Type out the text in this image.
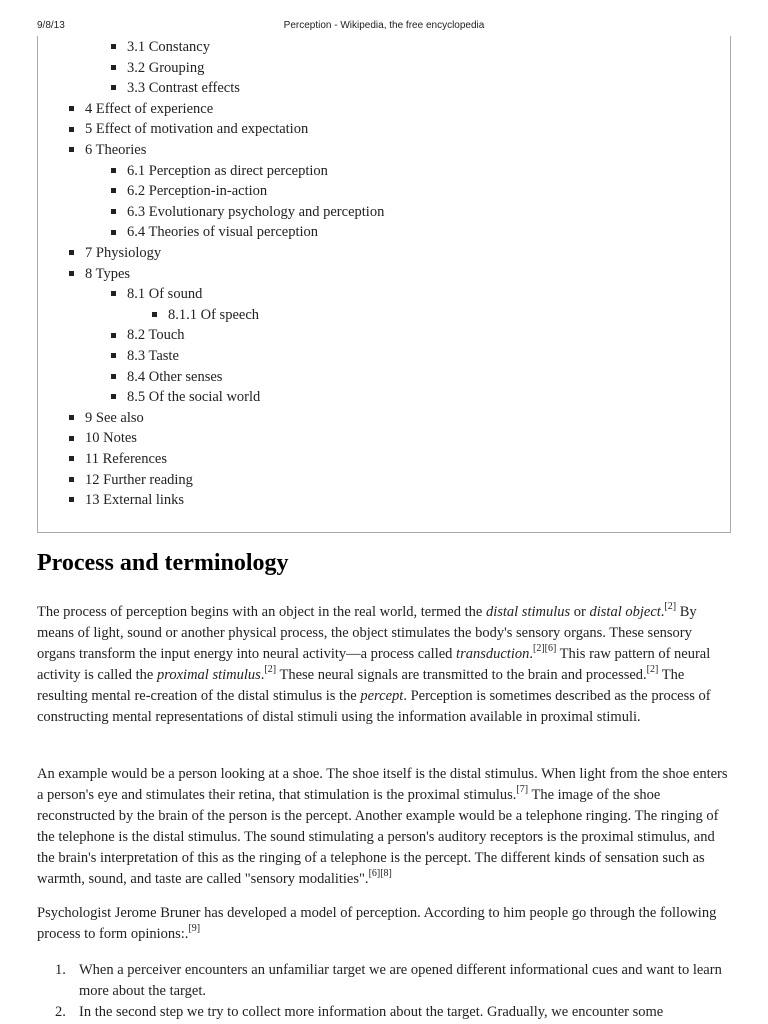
9/8/13	Perception - Wikipedia, the free encyclopedia
3.1 Constancy
3.2 Grouping
3.3 Contrast effects
4 Effect of experience
5 Effect of motivation and expectation
6 Theories
6.1 Perception as direct perception
6.2 Perception-in-action
6.3 Evolutionary psychology and perception
6.4 Theories of visual perception
7 Physiology
8 Types
8.1 Of sound
8.1.1 Of speech
8.2 Touch
8.3 Taste
8.4 Other senses
8.5 Of the social world
9 See also
10 Notes
11 References
12 Further reading
13 External links
Process and terminology

The process of perception begins with an object in the real world, termed the distal stimulus or distal object.[2] By means of light, sound or another physical process, the object stimulates the body's sensory organs. These sensory organs transform the input energy into neural activity—a process called transduction.[2][6] This raw pattern of neural activity is called the proximal stimulus.[2] These neural signals are transmitted to the brain and processed.[2] The resulting mental re-creation of the distal stimulus is the percept. Perception is sometimes described as the process of constructing mental representations of distal stimuli using the information available in proximal stimuli.

An example would be a person looking at a shoe. The shoe itself is the distal stimulus. When light from the shoe enters a person's eye and stimulates their retina, that stimulation is the proximal stimulus.[7] The image of the shoe reconstructed by the brain of the person is the percept. Another example would be a telephone ringing. The ringing of the telephone is the distal stimulus. The sound stimulating a person's auditory receptors is the proximal stimulus, and the brain's interpretation of this as the ringing of a telephone is the percept. The different kinds of sensation such as warmth, sound, and taste are called "sensory modalities".[6][8]

Psychologist Jerome Bruner has developed a model of perception. According to him people go through the following process to form opinions:.[9]

1. When a perceiver encounters an unfamiliar target we are opened different informational cues and want to learn more about the target.
2. In the second step we try to collect more information about the target. Gradually, we encounter some
